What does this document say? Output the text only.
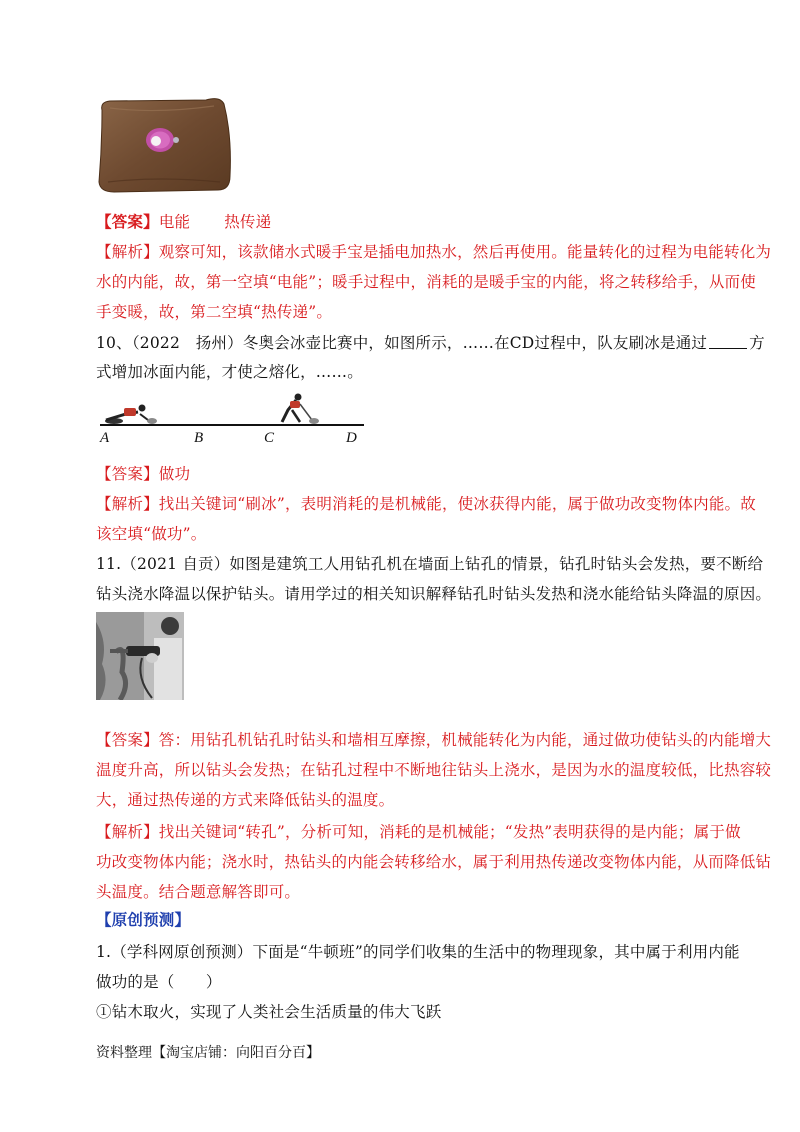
【答案】电能 热传递
【解析】观察可知，该款储水式暖手宝是插电加热水，然后再使用。能量转化的过程为电能转化为
水的内能，故，第一空填“电能”；暖手过程中，消耗的是暖手宝的内能，将之转移给手，从而使
手变暖，故，第二空填“热传递”。
10、（2022　扬州）冬奥会冰壶比赛中，如图所示，……在CD过程中，队友刷冰是通过	方
式增加冰面内能，才使之熔化，……。
A	B	C	D
【答案】做功
【解析】找出关键词“刷冰”，表明消耗的是机械能，使冰获得内能，属于做功改变物体内能。故
该空填“做功”。
11.（2021 自贡）如图是建筑工人用钻孔机在墙面上钻孔的情景，钻孔时钻头会发热，要不断给
钻头浇水降温以保护钻头。请用学过的相关知识解释钻孔时钻头发热和浇水能给钻头降温的原因。
【答案】答：用钻孔机钻孔时钻头和墙相互摩擦，机械能转化为内能，通过做功使钻头的内能增大
温度升高，所以钻头会发热；在钻孔过程中不断地往钻头上浇水，是因为水的温度较低，比热容较
大，通过热传递的方式来降低钻头的温度。
【解析】找出关键词“转孔”，分析可知，消耗的是机械能；“发热”表明获得的是内能；属于做
功改变物体内能；浇水时，热钻头的内能会转移给水，属于利用热传递改变物体内能，从而降低钻
头温度。结合题意解答即可。
【原创预测】
1.（学科网原创预测）下面是“牛顿班”的同学们收集的生活中的物理现象，其中属于利用内能
做功的是（　　）
①钻木取火，实现了人类社会生活质量的伟大飞跃
资料整理【淘宝店铺：向阳百分百】
